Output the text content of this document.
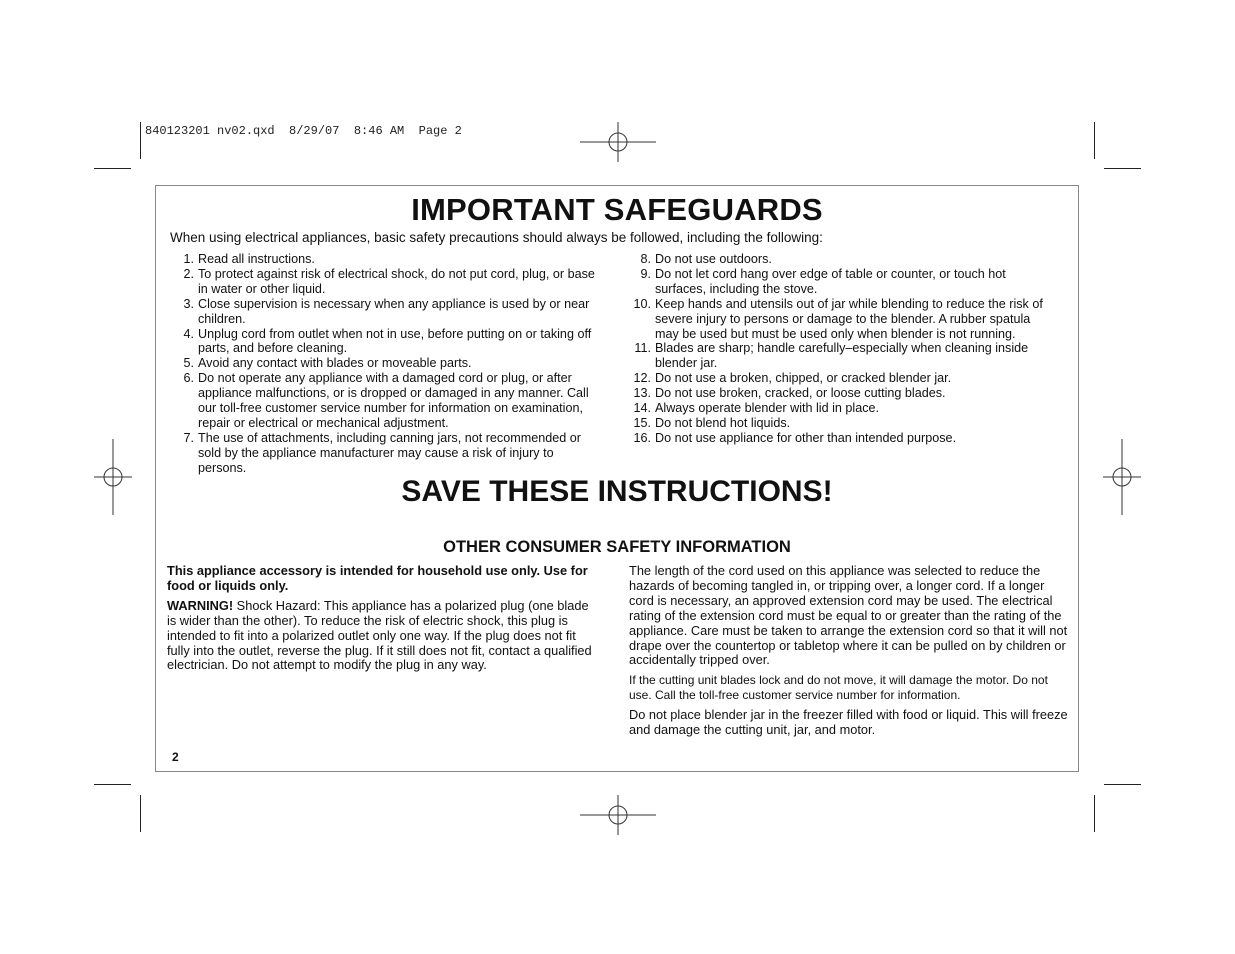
840123201 nv02.qxd  8/29/07  8:46 AM  Page 2
IMPORTANT SAFEGUARDS

When using electrical appliances, basic safety precautions should always be followed, including the following:

1. Read all instructions.
2. To protect against risk of electrical shock, do not put cord, plug, or base in water or other liquid.
3. Close supervision is necessary when any appliance is used by or near children.
4. Unplug cord from outlet when not in use, before putting on or taking off parts, and before cleaning.
5. Avoid any contact with blades or moveable parts.
6. Do not operate any appliance with a damaged cord or plug, or after appliance malfunctions, or is dropped or damaged in any manner. Call our toll-free customer service number for information on examination, repair or electrical or mechanical adjustment.
7. The use of attachments, including canning jars, not recommended or sold by the appliance manufacturer may cause a risk of injury to persons.
8. Do not use outdoors.
9. Do not let cord hang over edge of table or counter, or touch hot surfaces, including the stove.
10. Keep hands and utensils out of jar while blending to reduce the risk of severe injury to persons or damage to the blender. A rubber spatula may be used but must be used only when blender is not running.
11. Blades are sharp; handle carefully–especially when cleaning inside blender jar.
12. Do not use a broken, chipped, or cracked blender jar.
13. Do not use broken, cracked, or loose cutting blades.
14. Always operate blender with lid in place.
15. Do not blend hot liquids.
16. Do not use appliance for other than intended purpose.
SAVE THESE INSTRUCTIONS!
OTHER CONSUMER SAFETY INFORMATION

This appliance accessory is intended for household use only. Use for food or liquids only.

WARNING! Shock Hazard: This appliance has a polarized plug (one blade is wider than the other). To reduce the risk of electric shock, this plug is intended to fit into a polarized outlet only one way. If the plug does not fit fully into the outlet, reverse the plug. If it still does not fit, contact a qualified electrician. Do not attempt to modify the plug in any way.

The length of the cord used on this appliance was selected to reduce the hazards of becoming tangled in, or tripping over, a longer cord. If a longer cord is necessary, an approved extension cord may be used. The electrical rating of the extension cord must be equal to or greater than the rating of the appliance. Care must be taken to arrange the extension cord so that it will not drape over the countertop or tabletop where it can be pulled on by children or accidentally tripped over.

If the cutting unit blades lock and do not move, it will damage the motor. Do not use. Call the toll-free customer service number for information.

Do not place blender jar in the freezer filled with food or liquid. This will freeze and damage the cutting unit, jar, and motor.

2
